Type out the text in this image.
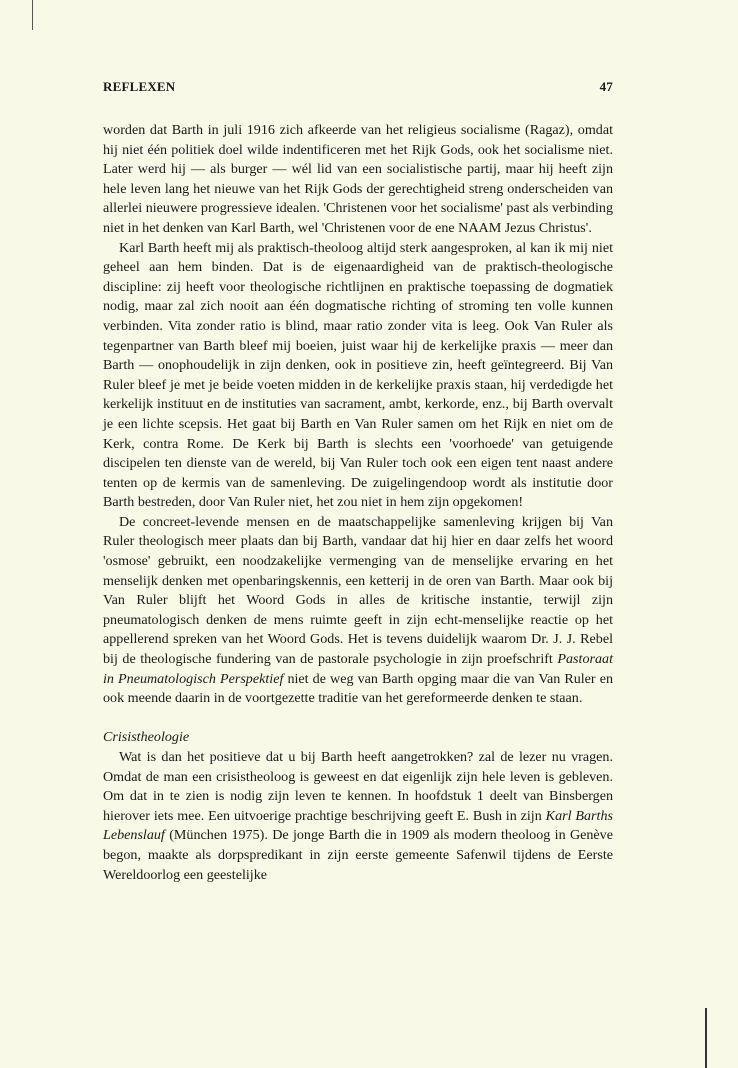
REFLEXEN	47

worden dat Barth in juli 1916 zich afkeerde van het religieus socialisme (Ragaz), omdat hij niet één politiek doel wilde indentificeren met het Rijk Gods, ook het socialisme niet. Later werd hij — als burger — wél lid van een socialistische partij, maar hij heeft zijn hele leven lang het nieuwe van het Rijk Gods der gerechtigheid streng onderscheiden van allerlei nieuwere progressieve idealen. 'Christenen voor het socialisme' past als verbinding niet in het denken van Karl Barth, wel 'Christenen voor de ene NAAM Jezus Christus'.

Karl Barth heeft mij als praktisch-theoloog altijd sterk aangesproken, al kan ik mij niet geheel aan hem binden. Dat is de eigenaardigheid van de praktisch-theologische discipline: zij heeft voor theologische richtlijnen en praktische toepassing de dogmatiek nodig, maar zal zich nooit aan één dogmatische richting of stroming ten volle kunnen verbinden. Vita zonder ratio is blind, maar ratio zonder vita is leeg. Ook Van Ruler als tegenpartner van Barth bleef mij boeien, juist waar hij de kerkelijke praxis — meer dan Barth — onophoudelijk in zijn denken, ook in positieve zin, heeft geïntegreerd. Bij Van Ruler bleef je met je beide voeten midden in de kerkelijke praxis staan, hij verdedigde het kerkelijk instituut en de instituties van sacrament, ambt, kerkorde, enz., bij Barth overvalt je een lichte scepsis. Het gaat bij Barth en Van Ruler samen om het Rijk en niet om de Kerk, contra Rome. De Kerk bij Barth is slechts een 'voorhoede' van getuigende discipelen ten dienste van de wereld, bij Van Ruler toch ook een eigen tent naast andere tenten op de kermis van de samenleving. De zuigelingendoop wordt als institutie door Barth bestreden, door Van Ruler niet, het zou niet in hem zijn opgekomen!

De concreet-levende mensen en de maatschappelijke samenleving krijgen bij Van Ruler theologisch meer plaats dan bij Barth, vandaar dat hij hier en daar zelfs het woord 'osmose' gebruikt, een noodzakelijke vermenging van de menselijke ervaring en het menselijk denken met openbaringskennis, een ketterij in de oren van Barth. Maar ook bij Van Ruler blijft het Woord Gods in alles de kritische instantie, terwijl zijn pneumatologisch denken de mens ruimte geeft in zijn echt-menselijke reactie op het appellerend spreken van het Woord Gods. Het is tevens duidelijk waarom Dr. J. J. Rebel bij de theologische fundering van de pastorale psychologie in zijn proefschrift Pastoraat in Pneumatologisch Perspektief niet de weg van Barth opging maar die van Van Ruler en ook meende daarin in de voortgezette traditie van het gereformeerde denken te staan.

Crisistheologie

Wat is dan het positieve dat u bij Barth heeft aangetrokken? zal de lezer nu vragen. Omdat de man een crisistheoloog is geweest en dat eigenlijk zijn hele leven is gebleven. Om dat in te zien is nodig zijn leven te kennen. In hoofdstuk 1 deelt van Binsbergen hierover iets mee. Een uitvoerige prachtige beschrijving geeft E. Bush in zijn Karl Barths Lebenslauf (München 1975). De jonge Barth die in 1909 als modern theoloog in Genève begon, maakte als dorpspredikant in zijn eerste gemeente Safenwil tijdens de Eerste Wereldoorlog een geestelijke
